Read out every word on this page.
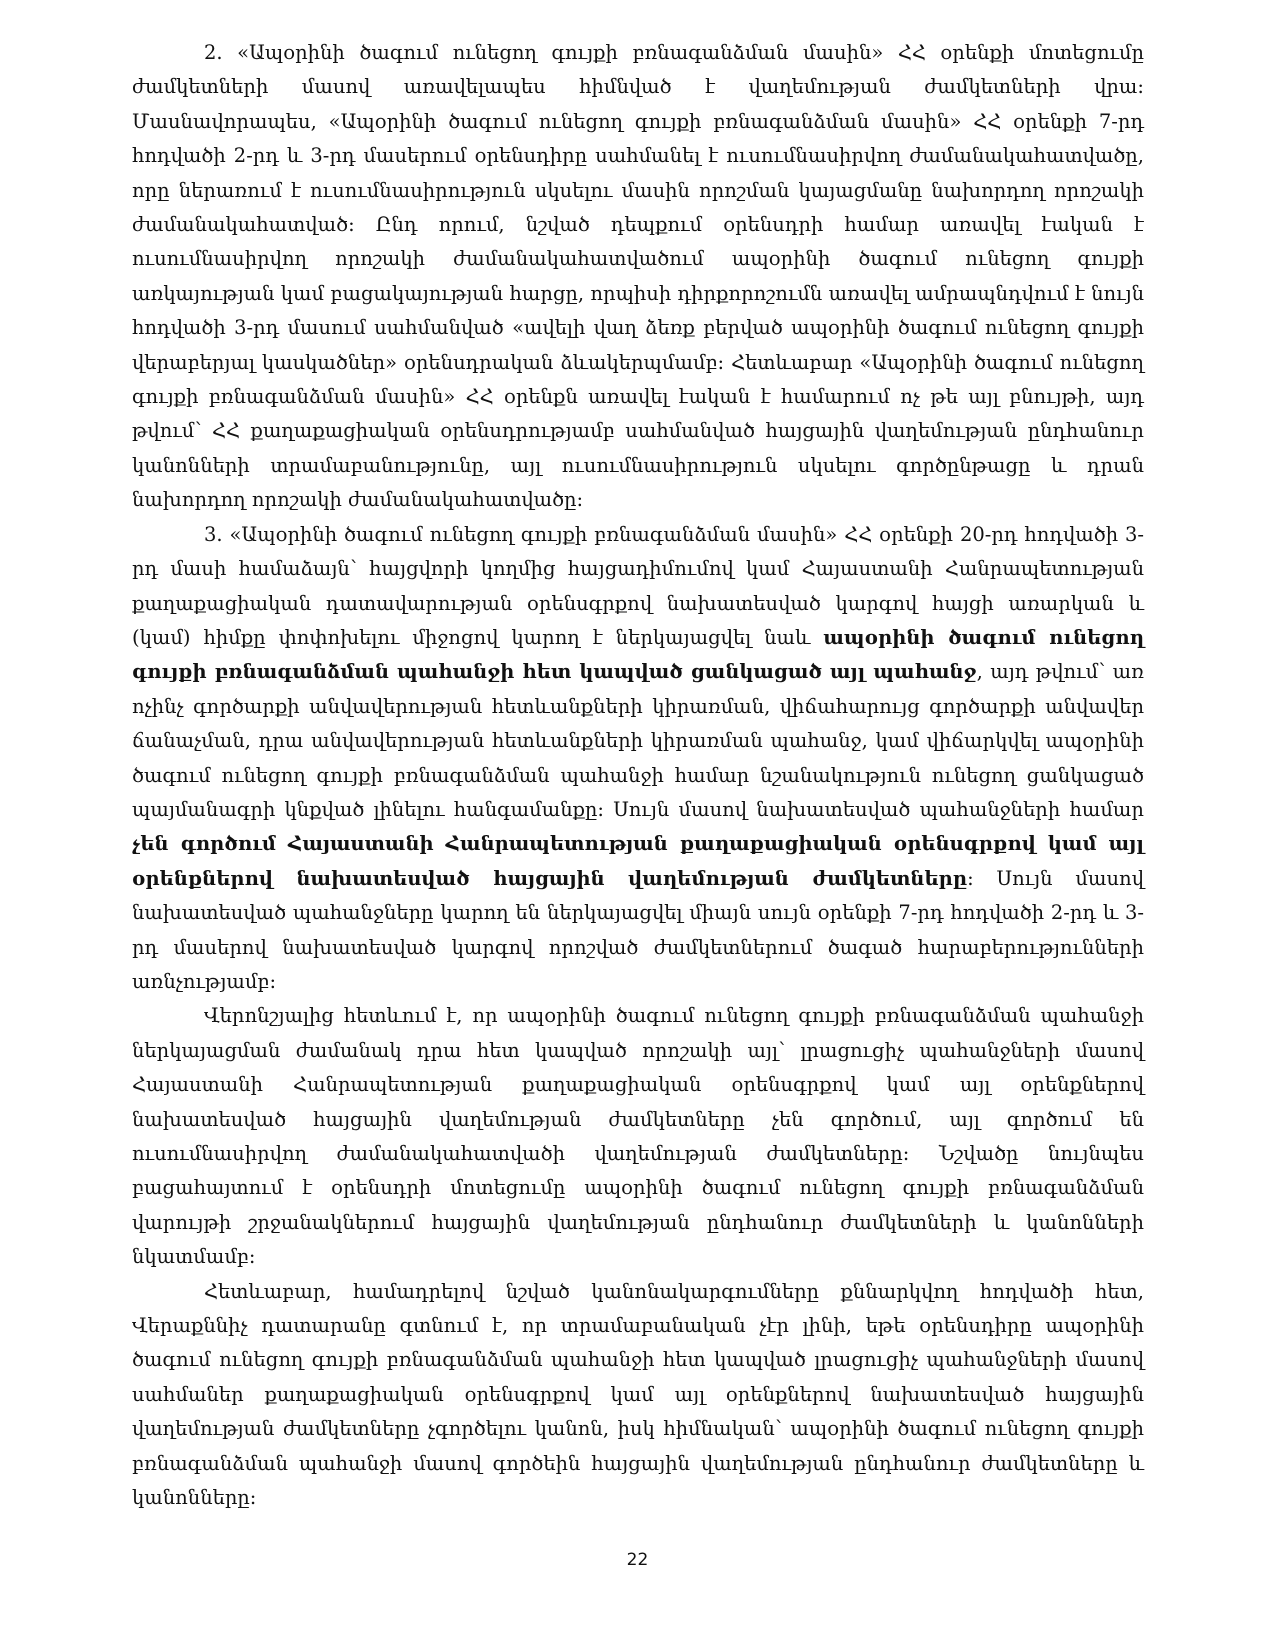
2. «Ապօրինի ծագում ունեցող գույքի բռնագանձման մասին» ՀՀ օրենքի մոտեցումը ժամկետների մասով առավելապես հիմնված է վաղեմության ժամկետների վրա: Մասնավորապես, «Ապօրինի ծագում ունեցող գույքի բռնագանձման մասին» ՀՀ օրենքի 7-րդ հոդվածի 2-րդ և 3-րդ մասերում օրենսդիրը սահմանել է ուսումնասիրվող ժամանակահատվածը, որը ներառում է ուսումնասիրություն սկսելու մասին որոշման կայացմանը նախորդող որոշակի ժամանակահատված: Ընդ որում, նշված դեպքում օրենսդրի համար առավել էական է ուսումնասիրվող որոշակի ժամանակահատվածում ապօրինի ծագում ունեցող գույքի առկայության կամ բացակայության հարցը, որպիսի դիրքորոշումն առավել ամրապնդվում է նույն հոդվածի 3-րդ մասում սահմանված «ավելի վաղ ձեռք բերված ապօրինի ծագում ունեցող գույքի վերաբերյալ կասկածներ» օրենսդրական ձևակերպմամբ: Հետևաբար «Ապօրինի ծագում ունեցող գույքի բռնագանձման մասին» ՀՀ օրենքն առավել էական է համարում ոչ թե այլ բնույթի, այդ թվում՝ ՀՀ քաղաքացիական օրենսդրությամբ սահմանված հայցային վաղեմության ընդհանուր կանոնների տրամաբանությունը, այլ ուսումնասիրություն սկսելու գործընթացը և դրան նախորդող որոշակի ժամանակահատվածը:

3. «Ապօրինի ծագում ունեցող գույքի բռնագանձման մասին» ՀՀ օրենքի 20-րդ հոդվածի 3-րդ մասի համաձայն՝ հայցվորի կողմից հայցադիմումով կամ Հայաստանի Հանրապետության քաղաքացիական դատավարության օրենսգրքով նախատեսված կարգով հայցի առարկան և (կամ) հիմքը փոփոխելու միջոցով կարող է ներկայացվել նաև ապօրինի ծագում ունեցող գույքի բռնագանձման պահանջի հետ կապված ցանկացած այլ պահանջ, այդ թվում՝ առ ոչինչ գործարքի անվավերության հետևանքների կիրառման, վիճահարույց գործարքի անվավեր ճանաչման, դրա անվավերության հետևանքների կիրառման պահանջ, կամ վիճարկվել ապօրինի ծագում ունեցող գույքի բռնագանձման պահանջի համար նշանակություն ունեցող ցանկացած պայմանագրի կնքված լինելու հանգամանքը: Սույն մասով նախատեսված պահանջների համար չեն գործում Հայաստանի Հանրապետության քաղաքացիական օրենսգրքով կամ այլ օրենքներով նախատեսված հայցային վաղեմության ժամկետները: Սույն մասով նախատեսված պահանջները կարող են ներկայացվել միայն սույն օրենքի 7-րդ հոդվածի 2-րդ և 3-րդ մասերով նախատեսված կարգով որոշված ժամկետներում ծագած հարաբերությունների առնչությամբ:

Վերոնշյալից հետևում է, որ ապօրինի ծագում ունեցող գույքի բռնագանձման պահանջի ներկայացման ժամանակ դրա հետ կապված որոշակի այլ՝ լրացուցիչ պահանջների մասով Հայաստանի Հանրապետության քաղաքացիական օրենսգրքով կամ այլ օրենքներով նախատեսված հայցային վաղեմության ժամկետները չեն գործում, այլ գործում են ուսումնասիրվող ժամանակահատվածի վաղեմության ժամկետները: Նշվածը նույնպես բացահայտում է օրենսդրի մոտեցումը ապօրինի ծագում ունեցող գույքի բռնագանձման վարույթի շրջանակներում հայցային վաղեմության ընդհանուր ժամկետների և կանոնների նկատմամբ:

Հետևաբար, համադրելով նշված կանոնակարգումները քննարկվող հոդվածի հետ, Վերաքննիչ դատարանը գտնում է, որ տրամաբանական չէր լինի, եթե օրենսդիրը ապօրինի ծագում ունեցող գույքի բռնագանձման պահանջի հետ կապված լրացուցիչ պահանջների մասով սահմաներ քաղաքացիական օրենսգրքով կամ այլ օրենքներով նախատեսված հայցային վաղեմության ժամկետները չգործելու կանոն, իսկ հիմնական՝ ապօրինի ծագում ունեցող գույքի բռնագանձման պահանջի մասով գործեին հայցային վաղեմության ընդհանուր ժամկետները և կանոնները:

22
